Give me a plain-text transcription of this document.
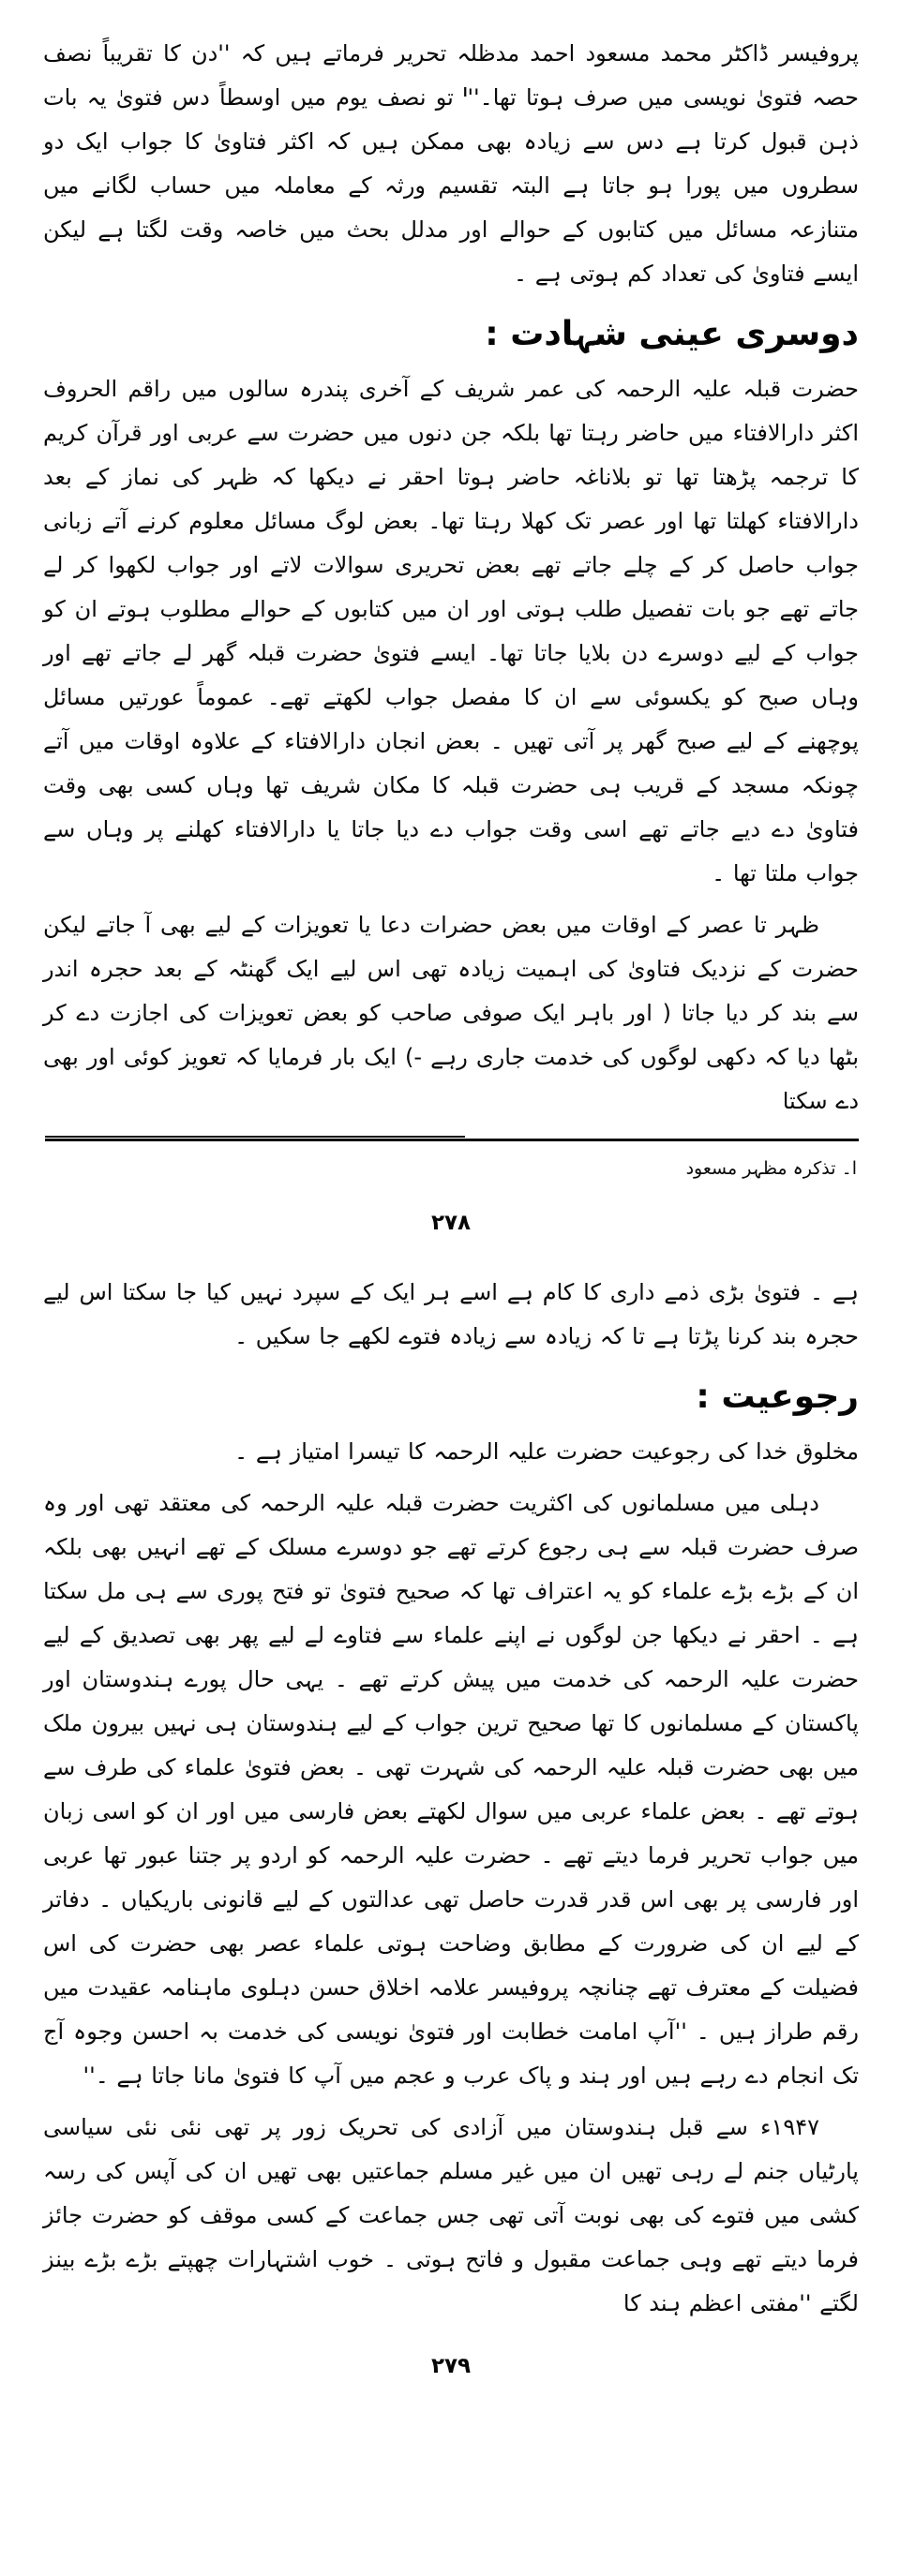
پروفیسر ڈاکٹر محمد مسعود احمد مدظلہ تحریر فرماتے ہیں کہ ''دن کا تقریباً نصف حصہ فتویٰ نویسی میں صرف ہوتا تھا۔''$^ا$ تو نصف یوم میں اوسطاً دس فتویٰ یہ بات ذہن قبول کرتا ہے دس سے زیادہ بھی ممکن ہیں کہ اکثر فتاویٰ کا جواب ایک دو سطروں میں پورا ہو جاتا ہے البتہ تقسیم ورثہ کے معاملہ میں حساب لگانے میں متنازعہ مسائل میں کتابوں کے حوالے اور مدلل بحث میں خاصہ وقت لگتا ہے لیکن ایسے فتاویٰ کی تعداد کم ہوتی ہے ۔

دوسری عینی شہادت :

حضرت قبلہ علیہ الرحمہ کی عمر شریف کے آخری پندرہ سالوں میں راقم الحروف اکثر دارالافتاء میں حاضر رہتا تھا بلکہ جن دنوں میں حضرت سے عربی اور قرآن کریم کا ترجمہ پڑھتا تھا تو بلاناغہ حاضر ہوتا احقر نے دیکھا کہ ظہر کی نماز کے بعد دارالافتاء کھلتا تھا اور عصر تک کھلا رہتا تھا۔ بعض لوگ مسائل معلوم کرنے آتے زبانی جواب حاصل کر کے چلے جاتے تھے بعض تحریری سوالات لاتے اور جواب لکھوا کر لے جاتے تھے جو بات تفصیل طلب ہوتی اور ان میں کتابوں کے حوالے مطلوب ہوتے ان کو جواب کے لیے دوسرے دن بلایا جاتا تھا۔ ایسے فتویٰ حضرت قبلہ گھر لے جاتے تھے اور وہاں صبح کو یکسوئی سے ان کا مفصل جواب لکھتے تھے۔ عموماً عورتیں مسائل پوچھنے کے لیے صبح گھر پر آتی تھیں ۔ بعض انجان دارالافتاء کے علاوہ اوقات میں آتے چونکہ مسجد کے قریب ہی حضرت قبلہ کا مکان شریف تھا وہاں کسی بھی وقت فتاویٰ دے دیے جاتے تھے اسی وقت جواب دے دیا جاتا یا دارالافتاء کھلنے پر وہاں سے جواب ملتا تھا ۔

ظہر تا عصر کے اوقات میں بعض حضرات دعا یا تعویزات کے لیے بھی آ جاتے لیکن حضرت کے نزدیک فتاویٰ کی اہمیت زیادہ تھی اس لیے ایک گھنٹہ کے بعد حجرہ اندر سے بند کر دیا جاتا ( اور باہر ایک صوفی صاحب کو بعض تعویزات کی اجازت دے کر بٹھا دیا کہ دکھی لوگوں کی خدمت جاری رہے -) ایک بار فرمایا کہ تعویز کوئی اور بھی دے سکتا

ا۔ تذکرہ مظہر مسعود
۲۷۸

ہے ۔ فتویٰ بڑی ذمے داری کا کام ہے اسے ہر ایک کے سپرد نہیں کیا جا سکتا اس لیے حجرہ بند کرنا پڑتا ہے تا کہ زیادہ سے زیادہ فتوے لکھے جا سکیں ۔

رجوعیت :

مخلوق خدا کی رجوعیت حضرت علیہ الرحمہ کا تیسرا امتیاز ہے ۔

دہلی میں مسلمانوں کی اکثریت حضرت قبلہ علیہ الرحمہ کی معتقد تھی اور وہ صرف حضرت قبلہ سے ہی رجوع کرتے تھے جو دوسرے مسلک کے تھے انہیں بھی بلکہ ان کے بڑے بڑے علماء کو یہ اعتراف تھا کہ صحیح فتویٰ تو فتح پوری سے ہی مل سکتا ہے ۔ احقر نے دیکھا جن لوگوں نے اپنے علماء سے فتاوے لے لیے پھر بھی تصدیق کے لیے حضرت علیہ الرحمہ کی خدمت میں پیش کرتے تھے ۔ یہی حال پورے ہندوستان اور پاکستان کے مسلمانوں کا تھا صحیح ترین جواب کے لیے ہندوستان ہی نہیں بیرون ملک میں بھی حضرت قبلہ علیہ الرحمہ کی شہرت تھی ۔ بعض فتویٰ علماء کی طرف سے ہوتے تھے ۔ بعض علماء عربی میں سوال لکھتے بعض فارسی میں اور ان کو اسی زبان میں جواب تحریر فرما دیتے تھے ۔ حضرت علیہ الرحمہ کو اردو پر جتنا عبور تھا عربی اور فارسی پر بھی اس قدر قدرت حاصل تھی عدالتوں کے لیے قانونی باریکیاں ۔ دفاتر کے لیے ان کی ضرورت کے مطابق وضاحت ہوتی علماء عصر بھی حضرت کی اس فضیلت کے معترف تھے چنانچہ پروفیسر علامہ اخلاق حسن دہلوی ماہنامہ عقیدت میں رقم طراز ہیں ۔ ''آپ امامت خطابت اور فتویٰ نویسی کی خدمت بہ احسن وجوہ آج تک انجام دے رہے ہیں اور ہند و پاک عرب و عجم میں آپ کا فتویٰ مانا جاتا ہے ۔''

۱۹۴۷ء سے قبل ہندوستان میں آزادی کی تحریک زور پر تھی نئی نئی سیاسی پارٹیاں جنم لے رہی تھیں ان میں غیر مسلم جماعتیں بھی تھیں ان کی آپس کی رسہ کشی میں فتوے کی بھی نوبت آتی تھی جس جماعت کے کسی موقف کو حضرت جائز فرما دیتے تھے وہی جماعت مقبول و فاتح ہوتی ۔ خوب اشتہارات چھپتے بڑے بڑے بینز لگتے ''مفتی اعظم ہند کا

۲۷۹
